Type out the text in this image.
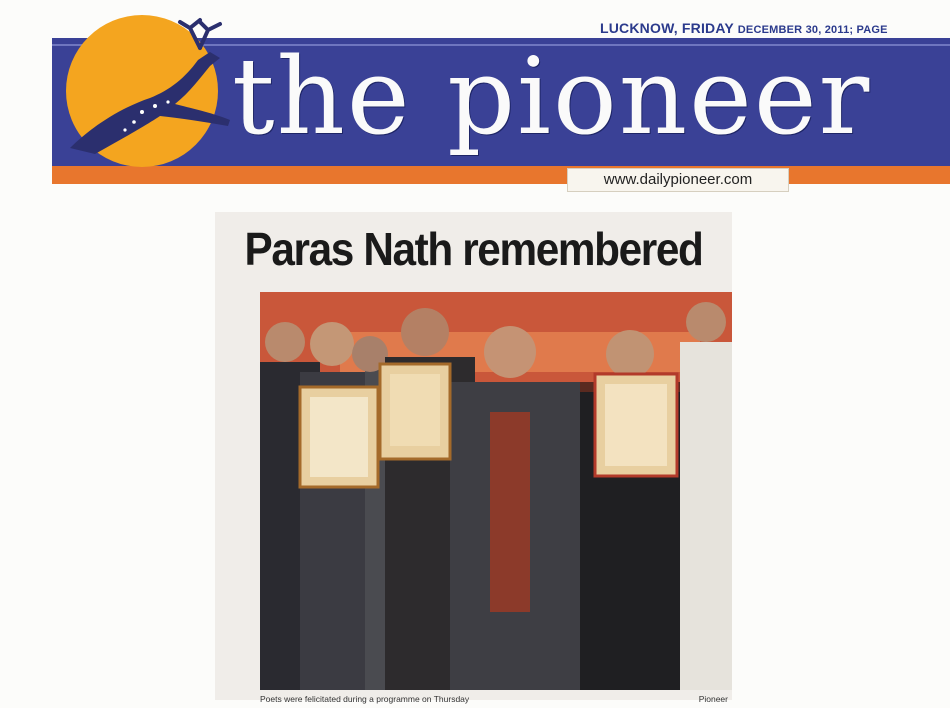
LUCKNOW, FRIDAY DECEMBER 30, 2011; PAGE
the pioneer
www.dailypioneer.com
Paras Nath remembered
Poets were felicitated during a programme on Thursday	Pioneer
